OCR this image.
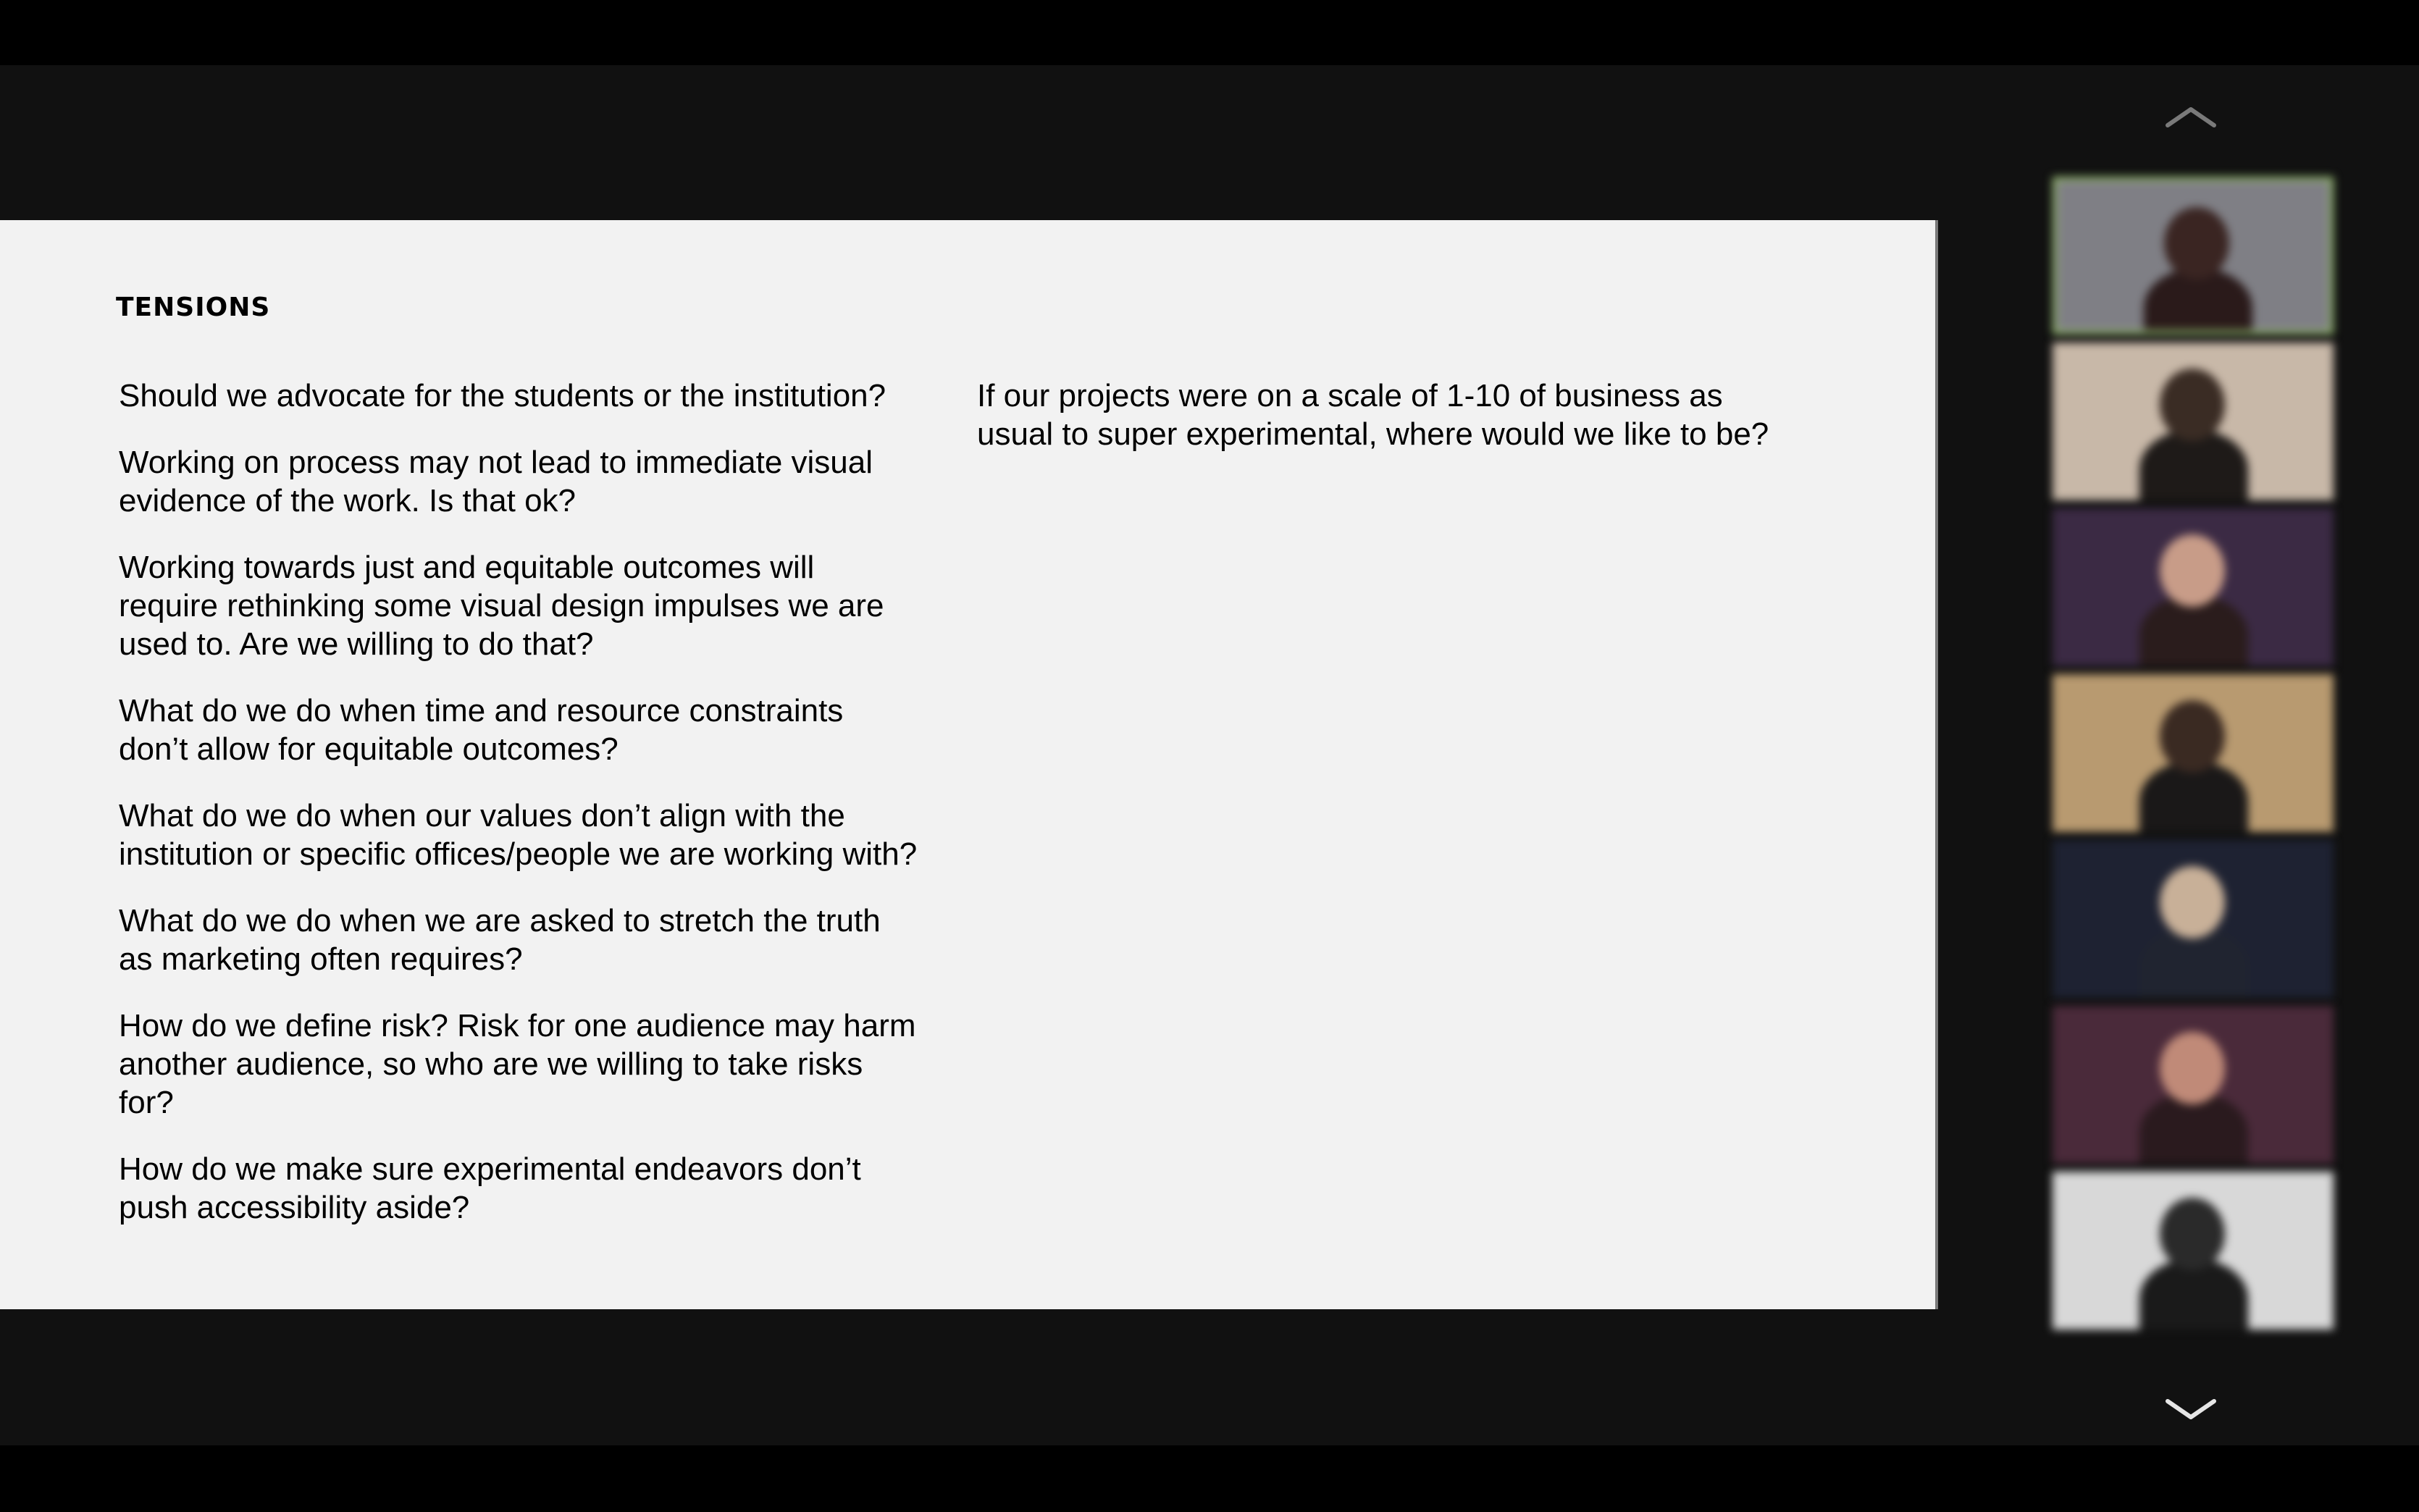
TENSIONS

Should we advocate for the students or the institution?

Working on process may not lead to immediate visual
evidence of the work. Is that ok?

Working towards just and equitable outcomes will
require rethinking some visual design impulses we are
used to. Are we willing to do that?

What do we do when time and resource constraints
don’t allow for equitable outcomes?

What do we do when our values don’t align with the
institution or specific offices/people we are working with?

What do we do when we are asked to stretch the truth
as marketing often requires?

How do we define risk? Risk for one audience may harm
another audience, so who are we willing to take risks
for?

How do we make sure experimental endeavors don’t
push accessibility aside?

If our projects were on a scale of 1-10 of business as
usual to super experimental, where would we like to be?
